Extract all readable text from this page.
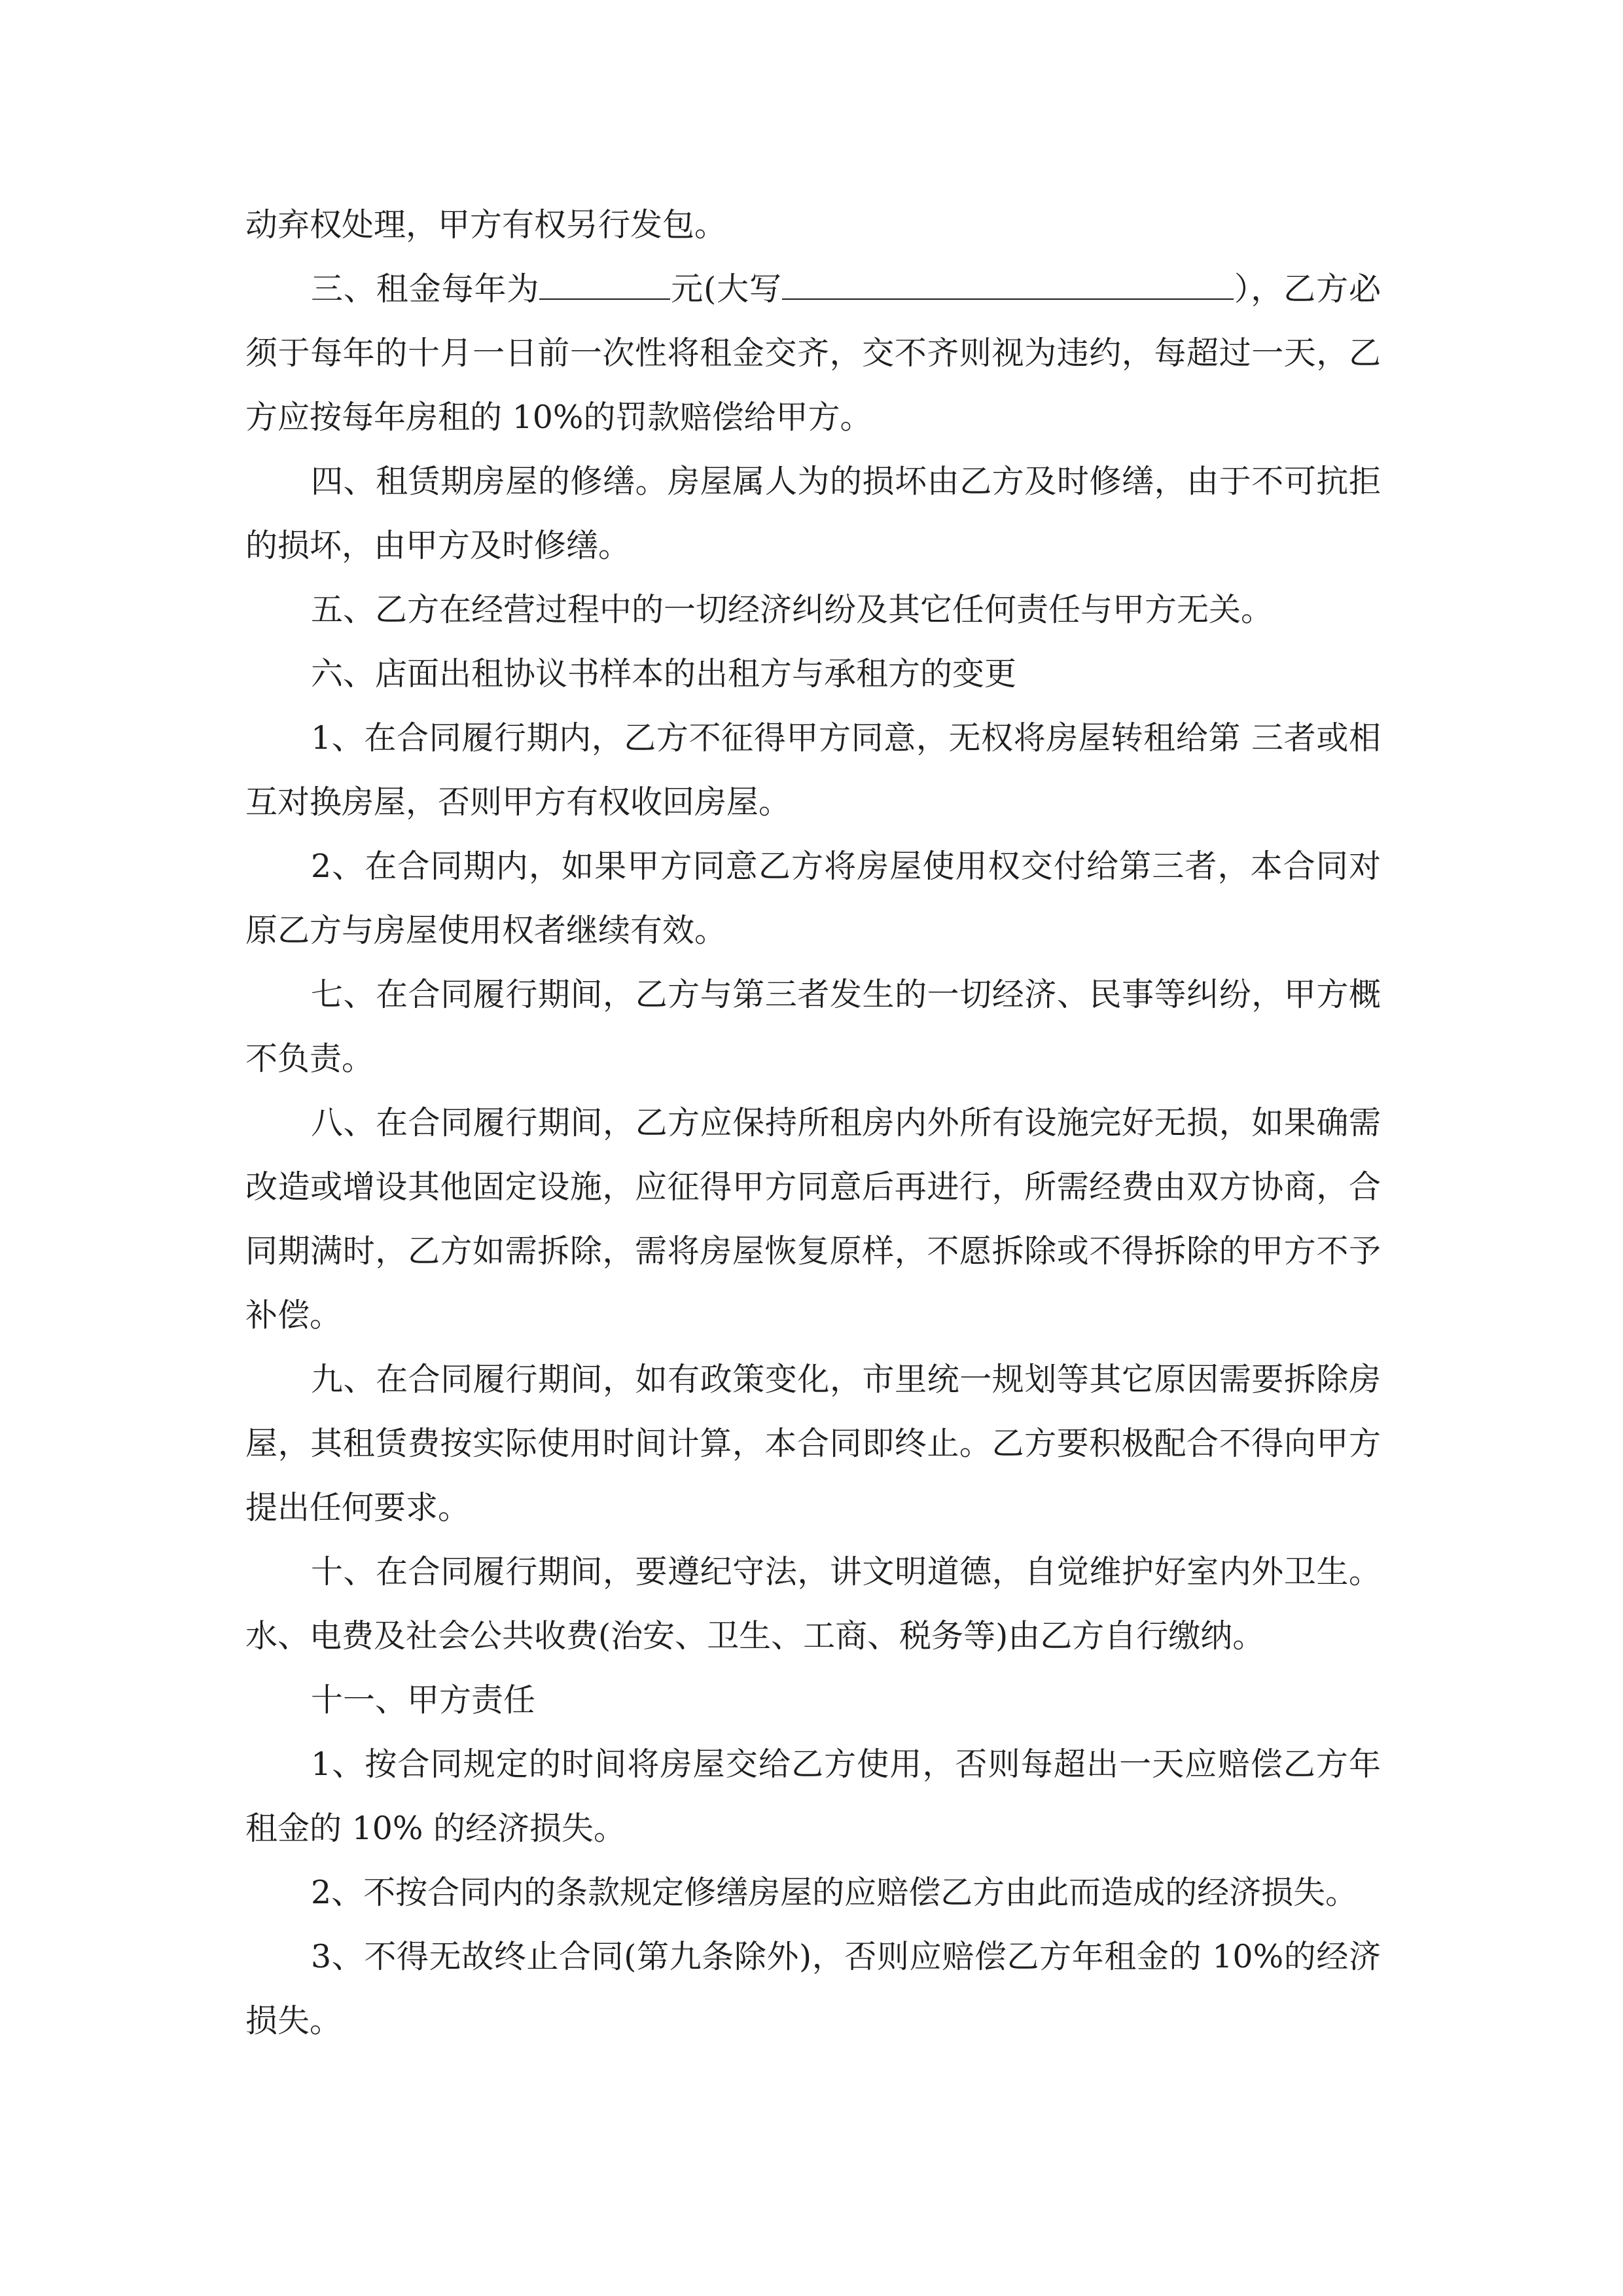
动弃权处理，甲方有权另行发包。

三、租金每年为	元(大写	），乙方必须于每年的十月一日前一次性将租金交齐，交不齐则视为违约，每超过一天，乙方应按每年房租的 10%的罚款赔偿给甲方。

四、租赁期房屋的修缮。房屋属人为的损坏由乙方及时修缮，由于不可抗拒的损坏，由甲方及时修缮。

五、乙方在经营过程中的一切经济纠纷及其它任何责任与甲方无关。

六、店面出租协议书样本的出租方与承租方的变更

1、在合同履行期内，乙方不征得甲方同意，无权将房屋转租给第 三者或相互对换房屋，否则甲方有权收回房屋。

2、在合同期内，如果甲方同意乙方将房屋使用权交付给第三者，本合同对原乙方与房屋使用权者继续有效。

七、在合同履行期间，乙方与第三者发生的一切经济、民事等纠纷，甲方概不负责。

八、在合同履行期间，乙方应保持所租房内外所有设施完好无损，如果确需改造或增设其他固定设施，应征得甲方同意后再进行，所需经费由双方协商，合同期满时，乙方如需拆除，需将房屋恢复原样，不愿拆除或不得拆除的甲方不予补偿。

九、在合同履行期间，如有政策变化，市里统一规划等其它原因需要拆除房屋，其租赁费按实际使用时间计算，本合同即终止。乙方要积极配合不得向甲方提出任何要求。

十、在合同履行期间，要遵纪守法，讲文明道德，自觉维护好室内外卫生。水、电费及社会公共收费(治安、卫生、工商、税务等)由乙方自行缴纳。

十一、甲方责任

1、按合同规定的时间将房屋交给乙方使用，否则每超出一天应赔偿乙方年租金的 10% 的经济损失。

2、不按合同内的条款规定修缮房屋的应赔偿乙方由此而造成的经济损失。

3、不得无故终止合同(第九条除外)，否则应赔偿乙方年租金的 10%的经济损失。
